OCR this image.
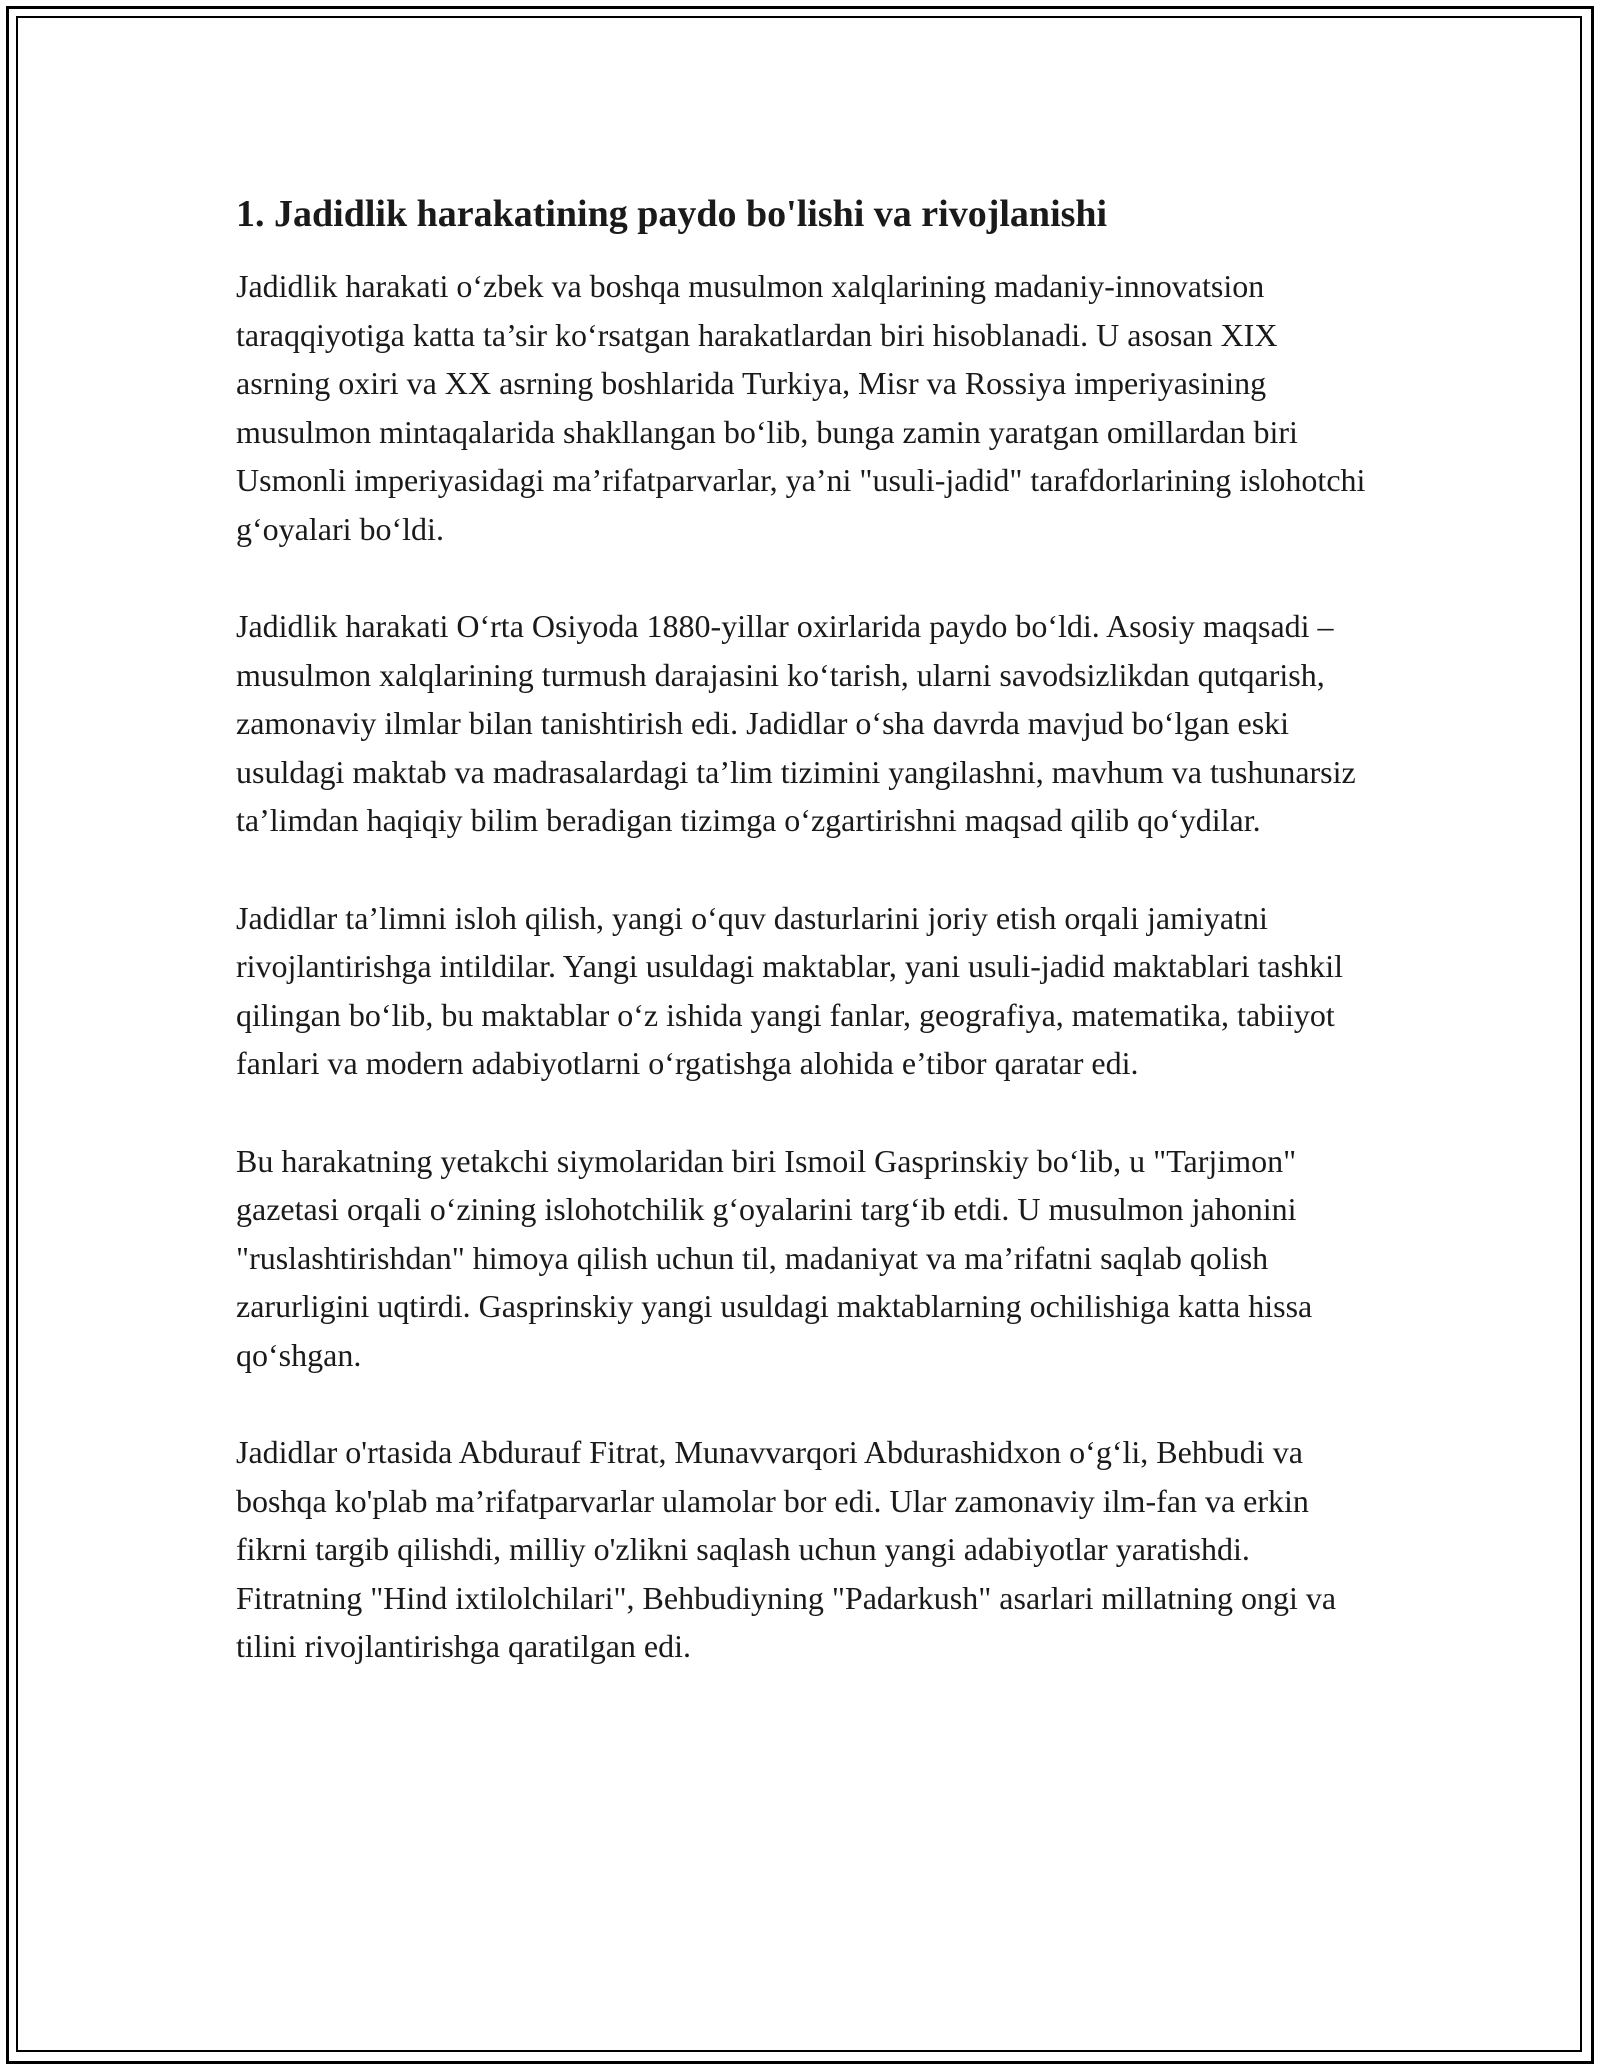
1. Jadidlik harakatining paydo bo'lishi va rivojlanishi

Jadidlik harakati o‘zbek va boshqa musulmon xalqlarining madaniy-innovatsion taraqqiyotiga katta ta’sir ko‘rsatgan harakatlardan biri hisoblanadi. U asosan XIX asrning oxiri va XX asrning boshlarida Turkiya, Misr va Rossiya imperiyasining musulmon mintaqalarida shakllangan bo‘lib, bunga zamin yaratgan omillardan biri Usmonli imperiyasidagi ma’rifatparvarlar, ya’ni "usuli-jadid" tarafdorlarining islohotchi g‘oyalari bo‘ldi.

Jadidlik harakati O‘rta Osiyoda 1880-yillar oxirlarida paydo bo‘ldi. Asosiy maqsadi – musulmon xalqlarining turmush darajasini ko‘tarish, ularni savodsizlikdan qutqarish, zamonaviy ilmlar bilan tanishtirish edi. Jadidlar o‘sha davrda mavjud bo‘lgan eski usuldagi maktab va madrasalardagi ta’lim tizimini yangilashni, mavhum va tushunarsiz ta’limdan haqiqiy bilim beradigan tizimga o‘zgartirishni maqsad qilib qo‘ydilar.

Jadidlar ta’limni isloh qilish, yangi o‘quv dasturlarini joriy etish orqali jamiyatni rivojlantirishga intildilar. Yangi usuldagi maktablar, yani usuli-jadid maktablari tashkil qilingan bo‘lib, bu maktablar o‘z ishida yangi fanlar, geografiya, matematika, tabiiyot fanlari va modern adabiyotlarni o‘rgatishga alohida e’tibor qaratar edi.

Bu harakatning yetakchi siymolaridan biri Ismoil Gasprinskiy bo‘lib, u "Tarjimon" gazetasi orqali o‘zining islohotchilik g‘oyalarini targ‘ib etdi. U musulmon jahonini "ruslashtirishdan" himoya qilish uchun til, madaniyat va ma’rifatni saqlab qolish zarurligini uqtirdi. Gasprinskiy yangi usuldagi maktablarning ochilishiga katta hissa qo‘shgan.

Jadidlar o'rtasida Abdurauf Fitrat, Munavvarqori Abdurashidxon o‘g‘li, Behbudi va boshqa ko'plab ma’rifatparvarlar ulamolar bor edi. Ular zamonaviy ilm-fan va erkin fikrni targib qilishdi, milliy o'zlikni saqlash uchun yangi adabiyotlar yaratishdi. Fitratning "Hind ixtilolchilari", Behbudiyning "Padarkush" asarlari millatning ongi va tilini rivojlantirishga qaratilgan edi.
